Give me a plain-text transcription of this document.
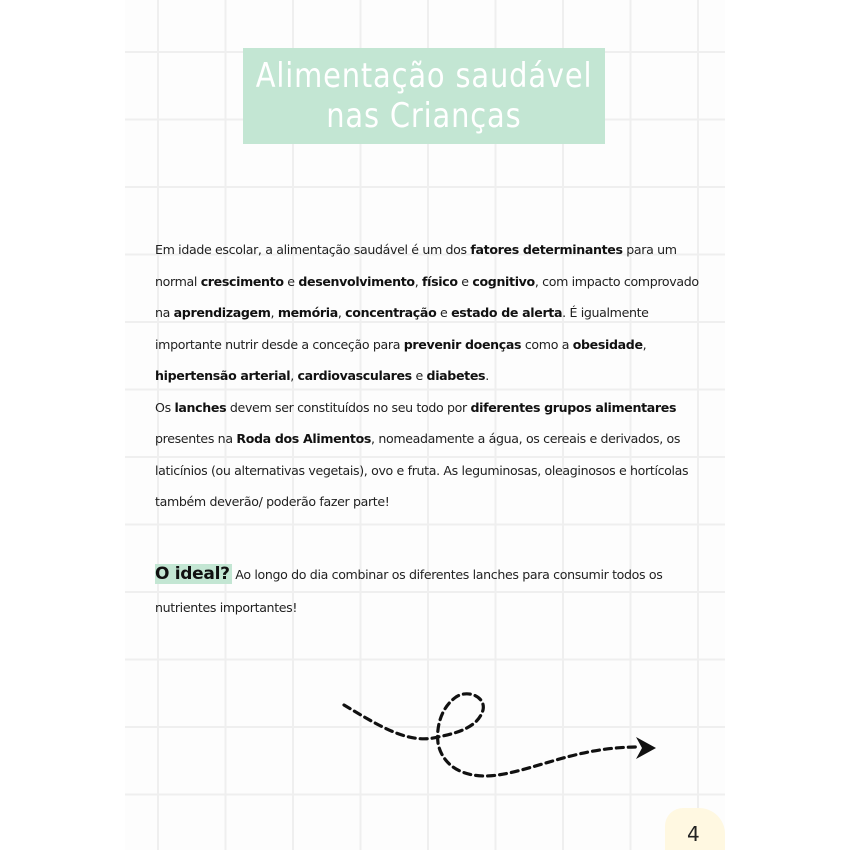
Alimentação saudável
nas Crianças

Em idade escolar, a alimentação saudável é um dos fatores determinantes para um normal crescimento e desenvolvimento, físico e cognitivo, com impacto comprovado na aprendizagem, memória, concentração e estado de alerta. É igualmente importante nutrir desde a conceção para prevenir doenças como a obesidade, hipertensão arterial, cardiovasculares e diabetes.

Os lanches devem ser constituídos no seu todo por diferentes grupos alimentares presentes na Roda dos Alimentos, nomeadamente a água, os cereais e derivados, os laticínios (ou alternativas vegetais), ovo e fruta. As leguminosas, oleaginosos e hortícolas também deverão/ poderão fazer parte!

O ideal? Ao longo do dia combinar os diferentes lanches para consumir todos os nutrientes importantes!
4
